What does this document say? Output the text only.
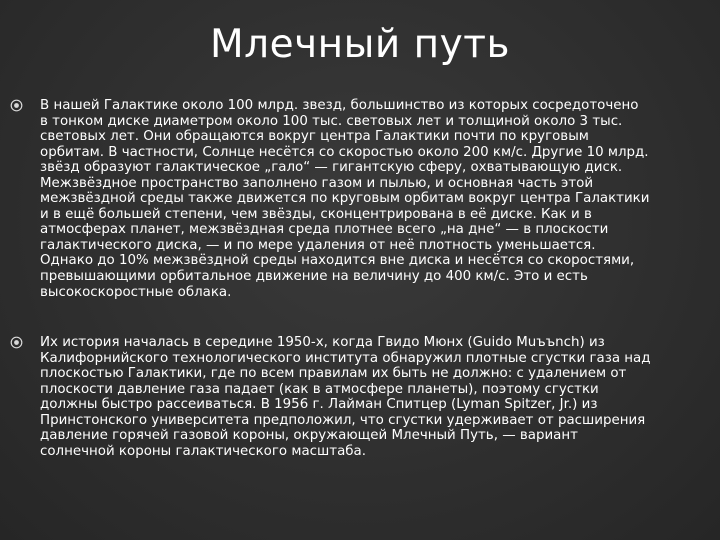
Млечный путь

В нашей Галактике около 100 млрд. звезд, большинство из которых сосредоточено
в тонком диске диаметром около 100 тыс. световых лет и толщиной около 3 тыс.
световых лет. Они обращаются вокруг центра Галактики почти по круговым
орбитам. В частности, Солнце несётся со скоростью около 200 км/с. Другие 10 млрд.
звёзд образуют галактическое „гало“ — гигантскую сферу, охватывающую диск.
Межзвёздное пространство заполнено газом и пылью, и основная часть этой
межзвёздной среды также движется по круговым орбитам вокруг центра Галактики
и в ещё большей степени, чем звёзды, сконцентрирована в её диске. Как и в
атмосферах планет, межзвёздная среда плотнее всего „на дне“ — в плоскости
галактического диска, — и по мере удаления от неё плотность уменьшается.
Однако до 10% межзвёздной среды находится вне диска и несётся со скоростями,
превышающими орбитальное движение на величину до 400 км/с. Это и есть
высокоскоростные облака.

Их история началась в середине 1950-х, когда Гвидо Мюнх (Guido Muъъnch) из
Калифорнийского технологического института обнаружил плотные сгустки газа над
плоскостью Галактики, где по всем правилам их быть не должно: с удалением от
плоскости давление газа падает (как в атмосфере планеты), поэтому сгустки
должны быстро рассеиваться. В 1956 г. Лайман Спитцер (Lyman Spitzer, Jr.) из
Принстонского университета предположил, что сгустки удерживает от расширения
давление горячей газовой короны, окружающей Млечный Путь, — вариант
солнечной короны галактического масштаба.
